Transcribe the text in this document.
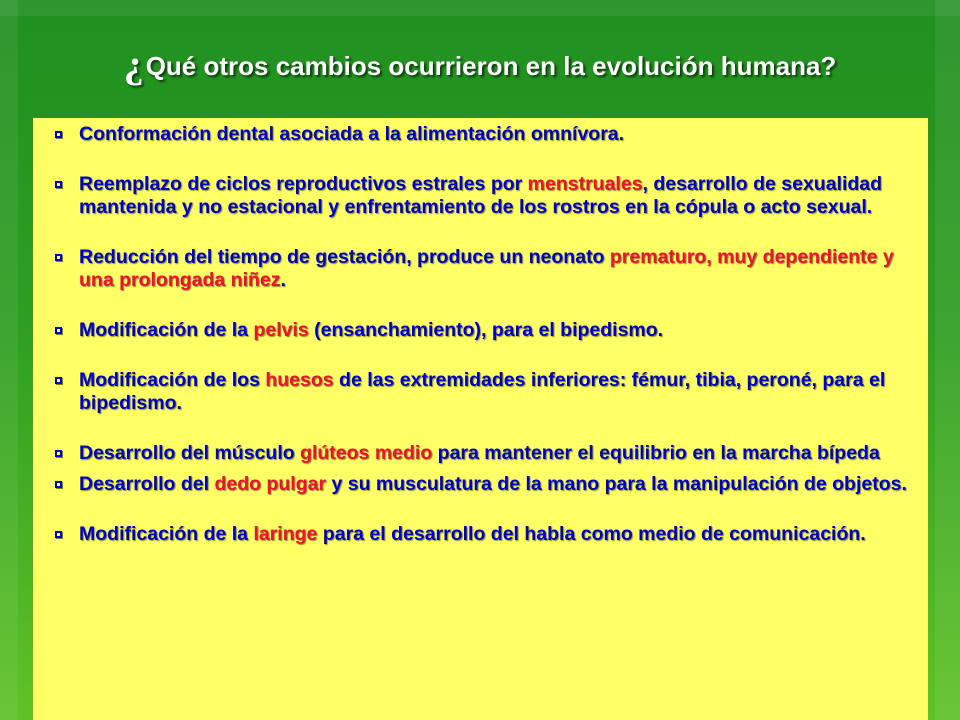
¿Qué otros cambios ocurrieron en la evolución humana?
Conformación dental asociada a la alimentación omnívora.
Reemplazo de ciclos reproductivos estrales por menstruales, desarrollo de sexualidad mantenida y no estacional y enfrentamiento de los rostros en la cópula o acto sexual.
Reducción del tiempo de gestación, produce un neonato prematuro, muy dependiente y una prolongada niñez.
Modificación de la pelvis (ensanchamiento), para el bipedismo.
Modificación de los huesos de las extremidades inferiores: fémur, tibia, peroné, para el bipedismo.
Desarrollo del músculo glúteos medio para mantener el equilibrio en la marcha bípeda
Desarrollo del dedo pulgar y su musculatura de la mano para la manipulación de objetos.
Modificación de la laringe para el desarrollo del habla como medio de comunicación.
